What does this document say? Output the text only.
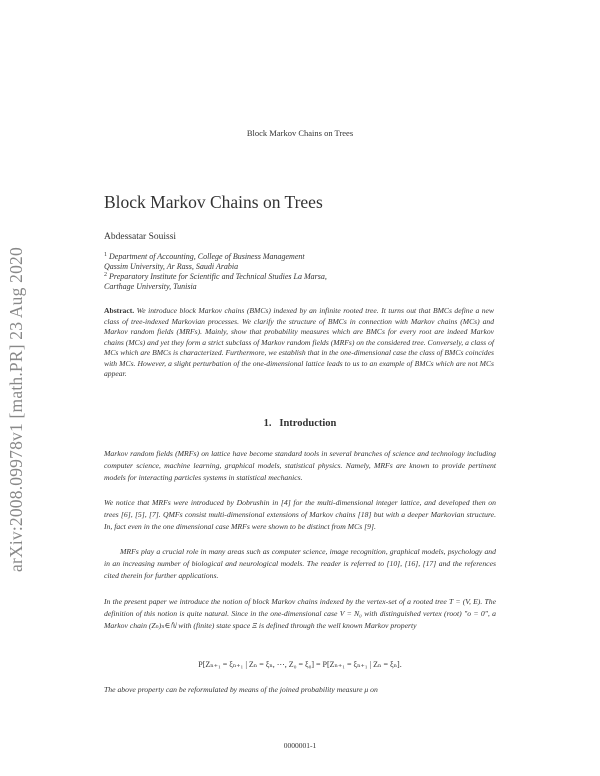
Block Markov Chains on Trees
arXiv:2008.09978v1 [math.PR] 23 Aug 2020
Block Markov Chains on Trees
Abdessatar Souissi
$^1$ Department of Accounting, College of Business Management
Qassim University, Ar Rass, Saudi Arabia
$^2$ Preparatory Institute for Scientific and Technical Studies La Marsa,
Carthage University, Tunisia
Abstract. We introduce block Markov chains (BMCs) indexed by an infinite rooted tree. It turns out that BMCs define a new class of tree-indexed Markovian processes. We clarify the structure of BMCs in connection with Markov chains (MCs) and Markov random fields (MRFs). Mainly, show that probability measures which are BMCs for every root are indeed Markov chains (MCs) and yet they form a strict subclass of Markov random fields (MRFs) on the considered tree. Conversely, a class of MCs which are BMCs is characterized. Furthermore, we establish that in the one-dimensional case the class of BMCs coincides with MCs. However, a slight perturbation of the one-dimensional lattice leads to us to an example of BMCs which are not MCs appear.
1. Introduction
Markov random fields (MRFs) on lattice have become standard tools in several branches of science and technology including computer science, machine learning, graphical models, statistical physics. Namely, MRFs are known to provide pertinent models for interacting particles systems in statistical mechanics.
We notice that MRFs were introduced by Dobrushin in [4] for the multi-dimensional integer lattice, and developed then on trees [6], [5], [7]. QMFs consist multi-dimensional extensions of Markov chains [18] but with a deeper Markovian structure. In, fact even in the one dimensional case MRFs were shown to be distinct from MCs [9].
MRFs play a crucial role in many areas such as computer science, image recognition, graphical models, psychology and in an increasing number of biological and neurological models. The reader is referred to [10], [16], [17] and the references cited therein for further applications.
In the present paper we introduce the notion of block Markov chains indexed by the vertex-set of a rooted tree T = (V, E). The definition of this notion is quite natural. Since in the one-dimensional case V = N₀ with distinguished vertex (root) "o = 0", a Markov chain (Zₙ)ₙ∈ℕ with (finite) state space Ξ is defined through the well known Markov property
P[Zₙ₊₁ = ξₙ₊₁ | Zₙ = ξₙ, ⋯, Z₀ = ξ₀] = P[Zₙ₊₁ = ξₙ₊₁ | Zₙ = ξₙ].
The above property can be reformulated by means of the joined probability measure μ on
0000001-1
